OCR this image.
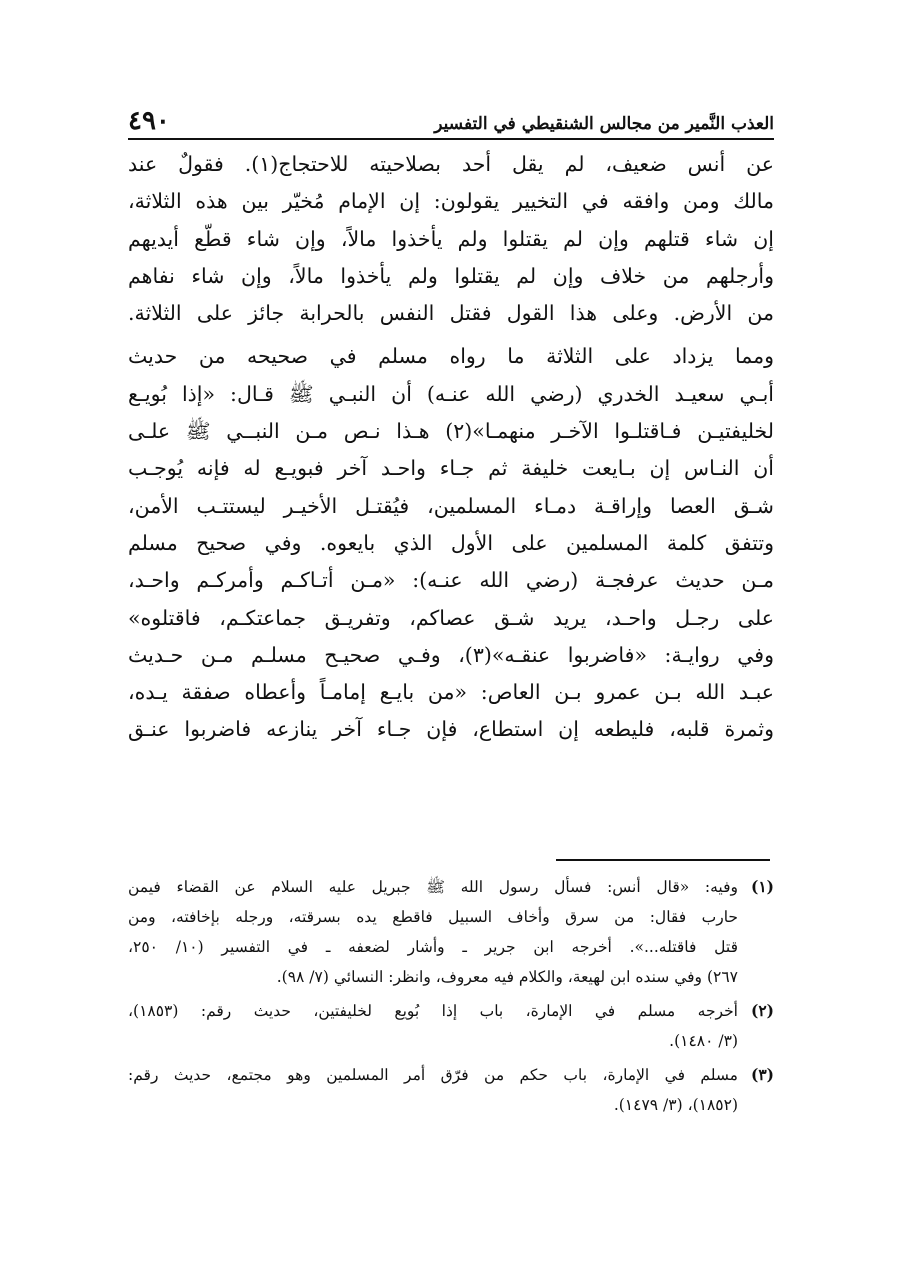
العذب النَّمير من مجالس الشنقيطي في التفسير
٤٩٠
عن أنس ضعيف، لم يقل أحد بصلاحيته للاحتجاج(١). فقولٌ عند
مالك ومن وافقه في التخيير يقولون: إن الإمام مُخيّر بين هذه الثلاثة،
إن شاء قتلهم وإن لم يقتلوا ولم يأخذوا مالاً، وإن شاء قطّع أيديهم
وأرجلهم من خلاف وإن لم يقتلوا ولم يأخذوا مالاً، وإن شاء نفاهم
من الأرض. وعلى هذا القول فقتل النفس بالحرابة جائز على الثلاثة.
ومما يزداد على الثلاثة ما رواه مسلم في صحيحه من حديث
أبـي سعيـد الخدري (رضي الله عنـه) أن النبـي ﷺ قـال: «إذا بُويـع
لخليفتيـن فـاقتلـوا الآخـر منهمـا»(٢) هـذا نـص مـن النبــي ﷺ علـى
أن النـاس إن بـايعت خليفة ثم جـاء واحـد آخر فبويـع له فإنه يُوجـب
شـق العصا وإراقـة دمـاء المسلمين، فيُقتـل الأخيـر ليستتـب الأمن،
وتتفق كلمة المسلمين على الأول الذي بايعوه. وفي صحيح مسلم
مـن حديث عرفجـة (رضي الله عنـه): «مـن أتـاكـم وأمركـم واحـد،
على رجـل واحـد، يريد شـق عصاكم، وتفريـق جماعتكـم، فاقتلوه»
وفي روايـة: «فاضربوا عنقـه»(٣)، وفـي صحيـح مسلـم مـن حـديث
عبـد الله بـن عمرو بـن العاص: «من بايـع إمامـاً وأعطاه صفقة يـده،
وثمرة قلبه، فليطعه إن استطاع، فإن جـاء آخر ينازعه فاضربوا عنـق
(١)
وفيه: «قال أنس: فسأل رسول الله ﷺ جبريل عليه السلام عن القضاء فيمن
حارب فقال: من سرق وأخاف السبيل فاقطع يده بسرقته، ورجله بإخافته، ومن
قتل فاقتله...». أخرجه ابن جرير ـ وأشار لضعفه ـ في التفسير (١٠/ ٢٥٠،
٢٦٧) وفي سنده ابن لهيعة، والكلام فيه معروف، وانظر: النسائي (٧/ ٩٨).
(٢)
أخرجه مسلم في الإمارة، باب إذا بُويع لخليفتين، حديث رقم: (١٨٥٣)،
(٣/ ١٤٨٠).
(٣)
مسلم في الإمارة، باب حكم من فرّق أمر المسلمين وهو مجتمع، حديث رقم:
(١٨٥٢)، (٣/ ١٤٧٩).
